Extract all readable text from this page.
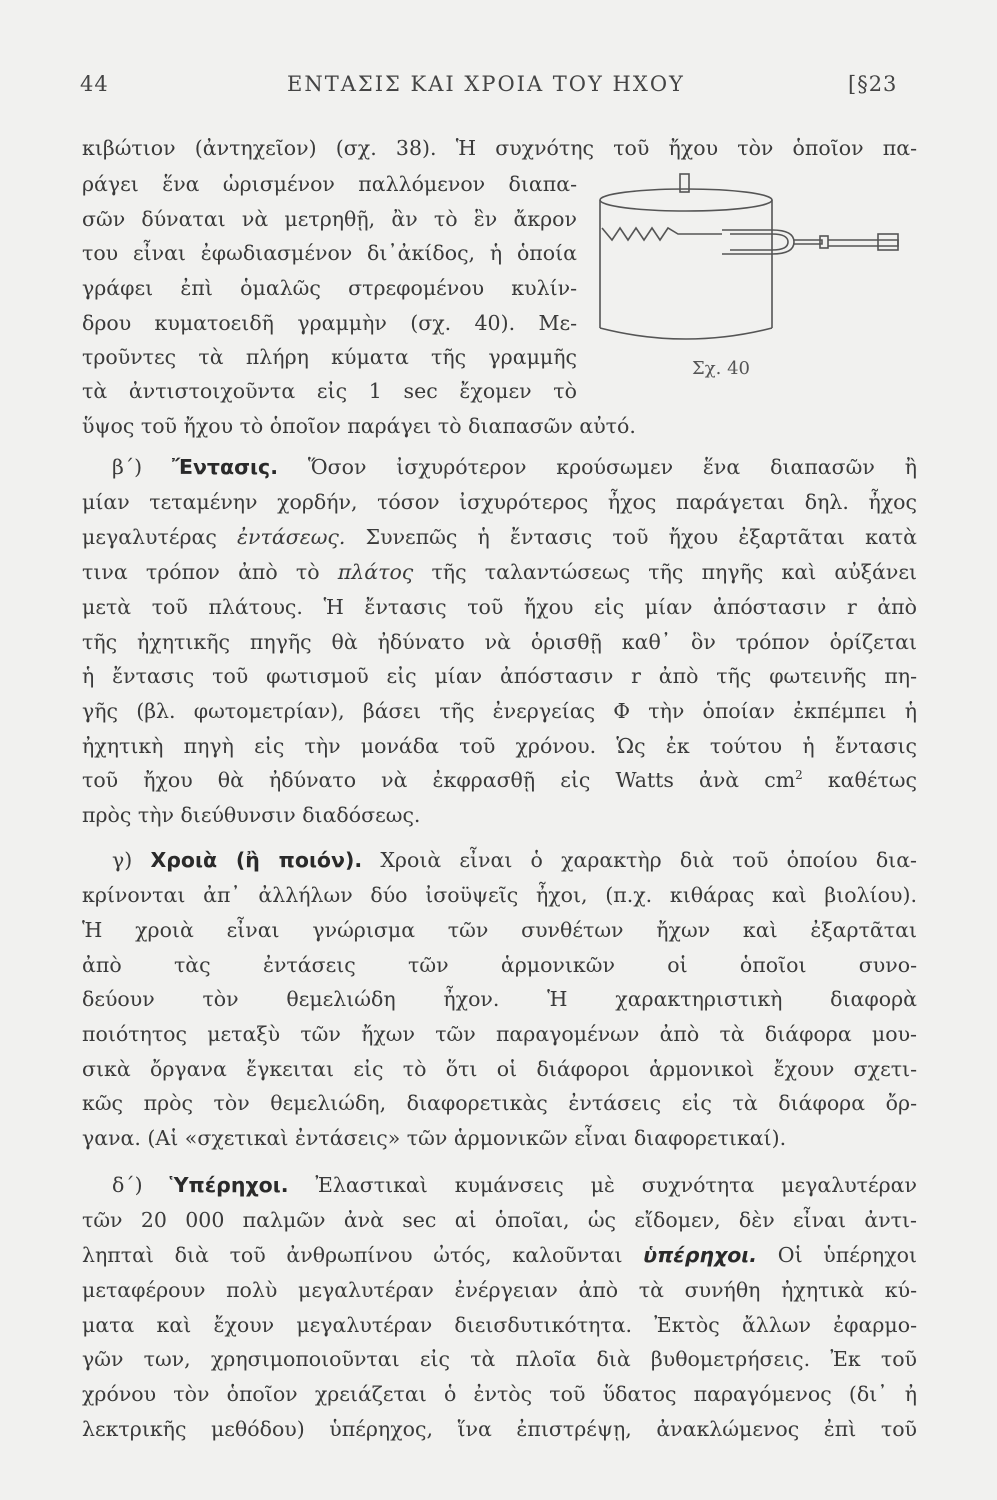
44	ΕΝΤΑΣΙΣ ΚΑΙ ΧΡΟΙΑ ΤΟΥ ΗΧΟΥ	[§23
Σχ. 40
κιβώτιον (ἀντηχεῖον) (σχ. 38). Ἡ συχνότης τοῦ ἤχου τὸν ὁποῖον πα-
ράγει ἕνα ὡρισμένον παλλόμενον διαπα-
σῶν δύναται νὰ μετρηθῇ, ἂν τὸ ἓν ἄκρον
του εἶναι ἐφωδιασμένον δι᾽ἀκίδος, ἡ ὁποία
γράφει ἐπὶ ὁμαλῶς στρεφομένου κυλίν-
δρου κυματοειδῆ γραμμὴν (σχ. 40). Με-
τροῦντες τὰ πλήρη κύματα τῆς γραμμῆς
τὰ ἀντιστοιχοῦντα εἰς 1 sec ἔχομεν τὸ
ὕψος τοῦ ἤχου τὸ ὁποῖον παράγει τὸ διαπασῶν αὐτό.
β΄) Ἔντασις. Ὅσον ἰσχυρότερον κρούσωμεν ἕνα διαπασῶν ἢ
μίαν τεταμένην χορδήν, τόσον ἰσχυρότερος ἦχος παράγεται δηλ. ἦχος
μεγαλυτέρας ἐντάσεως. Συνεπῶς ἡ ἔντασις τοῦ ἤχου ἐξαρτᾶται κατὰ
τινα τρόπον ἀπὸ τὸ πλάτος τῆς ταλαντώσεως τῆς πηγῆς καὶ αὐξάνει
μετὰ τοῦ πλάτους. Ἡ ἔντασις τοῦ ἤχου εἰς μίαν ἀπόστασιν r ἀπὸ
τῆς ἠχητικῆς πηγῆς θὰ ἠδύνατο νὰ ὁρισθῇ καθ᾽ ὃν τρόπον ὁρίζεται
ἡ ἔντασις τοῦ φωτισμοῦ εἰς μίαν ἀπόστασιν r ἀπὸ τῆς φωτεινῆς πη-
γῆς (βλ. φωτομετρίαν), βάσει τῆς ἐνεργείας Φ τὴν ὁποίαν ἐκπέμπει ἡ
ἠχητικὴ πηγὴ εἰς τὴν μονάδα τοῦ χρόνου. Ὡς ἐκ τούτου ἡ ἔντασις
τοῦ ἤχου θὰ ἠδύνατο νὰ ἐκφρασθῇ εἰς Watts ἀνὰ $cm^2$ καθέτως
πρὸς τὴν διεύθυνσιν διαδόσεως.
γ) Χροιὰ (ἢ ποιόν). Χροιὰ εἶναι ὁ χαρακτὴρ διὰ τοῦ ὁποίου δια-
κρίνονται ἀπ᾽ ἀλλήλων δύο ἰσοϋψεῖς ἦχοι, (π.χ. κιθάρας καὶ βιολίου).
Ἡ χροιὰ εἶναι γνώρισμα τῶν συνθέτων ἤχων καὶ ἐξαρτᾶται
ἀπὸ τὰς ἐντάσεις τῶν ἁρμονικῶν οἱ ὁποῖοι συνο-
δεύουν τὸν θεμελιώδη ἦχον. Ἡ χαρακτηριστικὴ διαφορὰ
ποιότητος μεταξὺ τῶν ἤχων τῶν παραγομένων ἀπὸ τὰ διάφορα μου-
σικὰ ὄργανα ἔγκειται εἰς τὸ ὅτι οἱ διάφοροι ἁρμονικοὶ ἔχουν σχετι-
κῶς πρὸς τὸν θεμελιώδη, διαφορετικὰς ἐντάσεις εἰς τὰ διάφορα ὄρ-
γανα. (Αἱ «σχετικαὶ ἐντάσεις» τῶν ἁρμονικῶν εἶναι διαφορετικαί).
δ΄) Ὑπέρηχοι. Ἐλαστικαὶ κυμάνσεις μὲ συχνότητα μεγαλυτέραν
τῶν 20 000 παλμῶν ἀνὰ sec αἱ ὁποῖαι, ὡς εἴδομεν, δὲν εἶναι ἀντι-
ληπταὶ διὰ τοῦ ἀνθρωπίνου ὠτός, καλοῦνται ὑπέρηχοι. Οἱ ὑπέρηχοι
μεταφέρουν πολὺ μεγαλυτέραν ἐνέργειαν ἀπὸ τὰ συνήθη ἠχητικὰ κύ-
ματα καὶ ἔχουν μεγαλυτέραν διεισδυτικότητα. Ἐκτὸς ἄλλων ἐφαρμο-
γῶν των, χρησιμοποιοῦνται εἰς τὰ πλοῖα διὰ βυθομετρήσεις. Ἐκ τοῦ
χρόνου τὸν ὁποῖον χρειάζεται ὁ ἐντὸς τοῦ ὕδατος παραγόμενος (δι᾽ ἠ
λεκτρικῆς μεθόδου) ὑπέρηχος, ἵνα ἐπιστρέψῃ, ἀνακλώμενος ἐπὶ τοῦ
